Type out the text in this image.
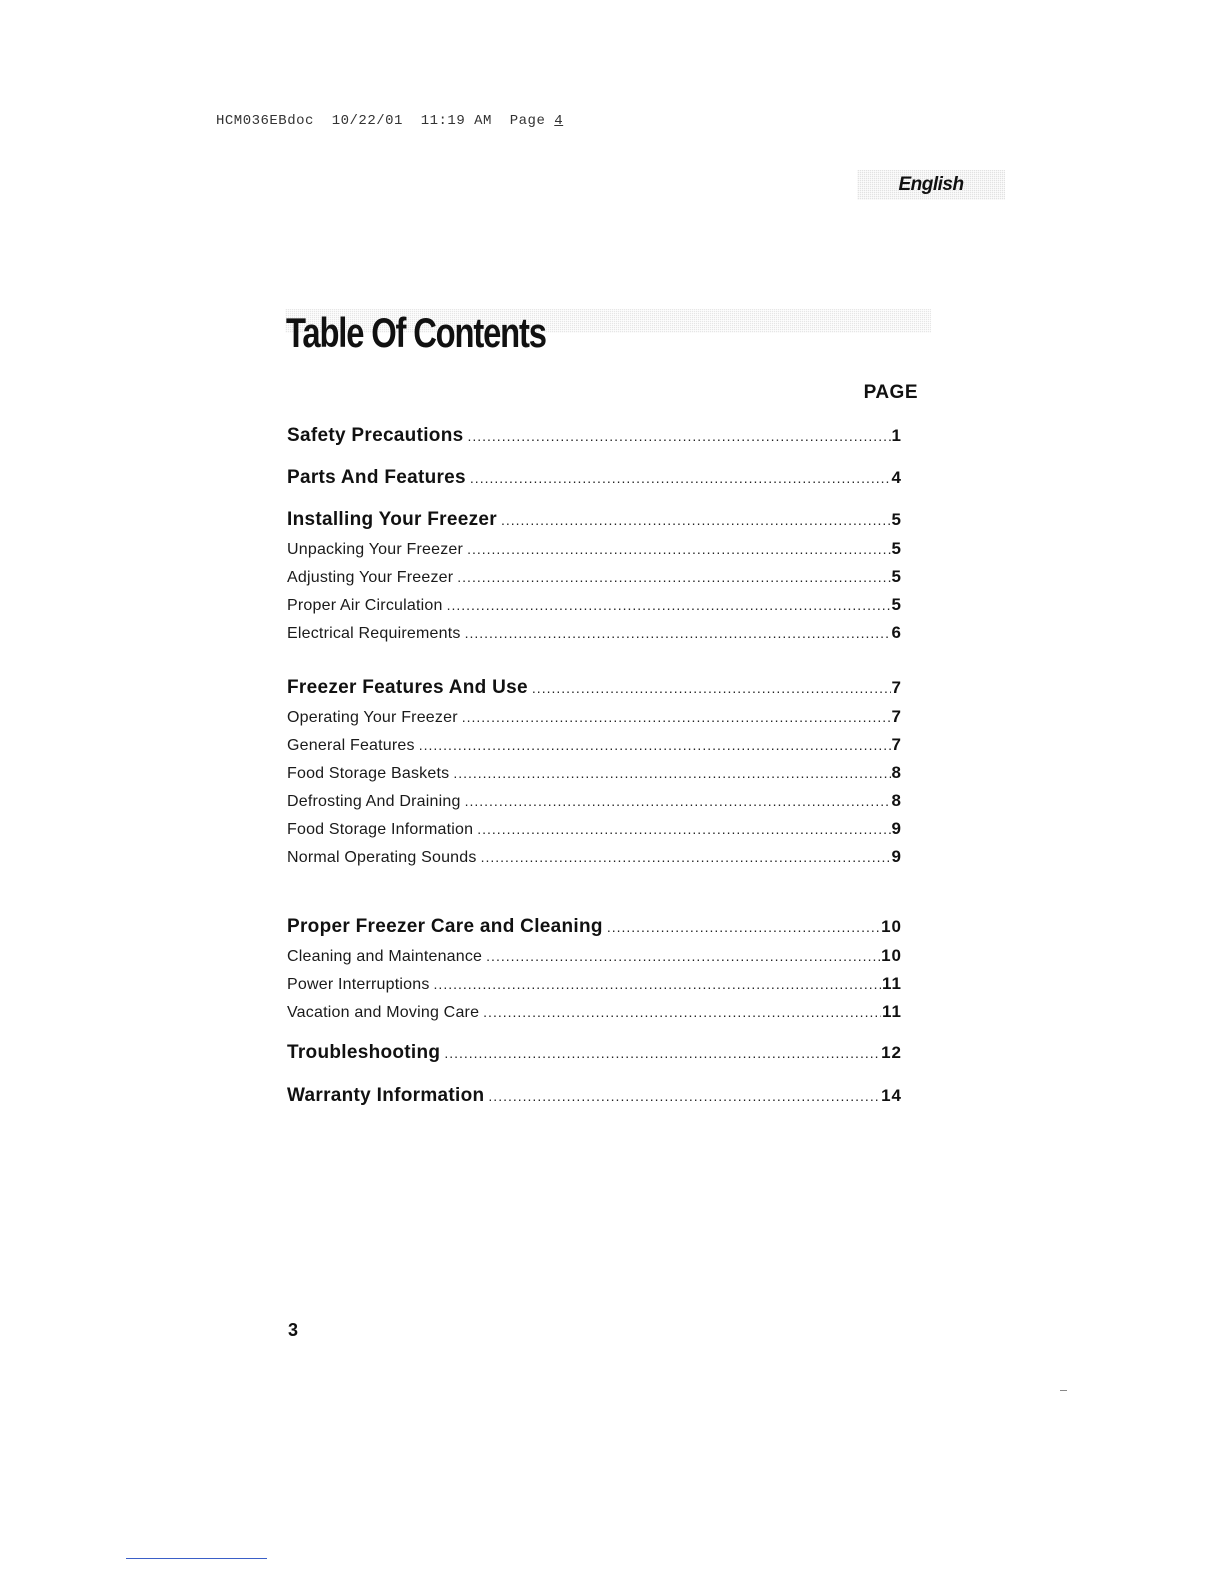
HCM036EBdoc  10/22/01  11:19 AM  Page 4
English
Table Of Contents
PAGE
Safety Precautions .....	1
Parts And Features .....	4
Installing Your Freezer .....	5
Unpacking Your Freezer .....	5
Adjusting Your Freezer .....	5
Proper Air Circulation .....	5
Electrical Requirements .....	6
Freezer Features And Use .....	7
Operating Your Freezer .....	7
General Features .....	7
Food Storage Baskets .....	8
Defrosting And Draining .....	8
Food Storage Information .....	9
Normal Operating Sounds .....	9
Proper Freezer Care and Cleaning .....	10
Cleaning and Maintenance .....	10
Power Interruptions .....	11
Vacation and Moving Care .....	11
Troubleshooting .....	12
Warranty Information .....	14
3
